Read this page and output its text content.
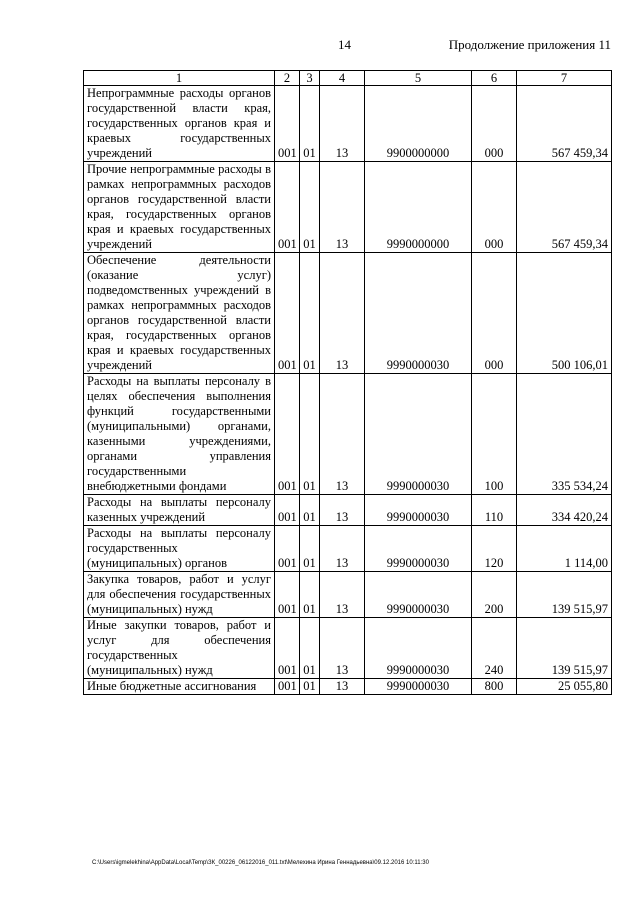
14	Продолжение приложения 11
1	2	3	4	5	6	7
Непрограммные расходы органов государственной власти края, государственных органов края и краевых государственных учреждений	001	01	13	9900000000	000	567 459,34
Прочие непрограммные расходы в рамках непрограммных расходов органов государственной власти края, государственных органов края и краевых государственных учреждений	001	01	13	9990000000	000	567 459,34
Обеспечение деятельности (оказание услуг) подведомственных учреждений в рамках непрограммных расходов органов государственной власти края, государственных органов края и краевых государственных учреждений	001	01	13	9990000030	000	500 106,01
Расходы на выплаты персоналу в целях обеспечения выполнения функций государственными (муниципальными) органами, казенными учреждениями, органами управления государственными внебюджетными фондами	001	01	13	9990000030	100	335 534,24
Расходы на выплаты персоналу казенных учреждений	001	01	13	9990000030	110	334 420,24
Расходы на выплаты персоналу государственных (муниципальных) органов	001	01	13	9990000030	120	1 114,00
Закупка товаров, работ и услуг для обеспечения государственных (муниципальных) нужд	001	01	13	9990000030	200	139 515,97
Иные закупки товаров, работ и услуг для обеспечения государственных (муниципальных) нужд	001	01	13	9990000030	240	139 515,97
Иные бюджетные ассигнования	001	01	13	9990000030	800	25 055,80
C:\Users\igmelekhina\AppData\Local\Temp\ЗК_00226_06122016_011.txt\Мелехина Ирина Геннадьевна\09.12.2016 10:11:30
